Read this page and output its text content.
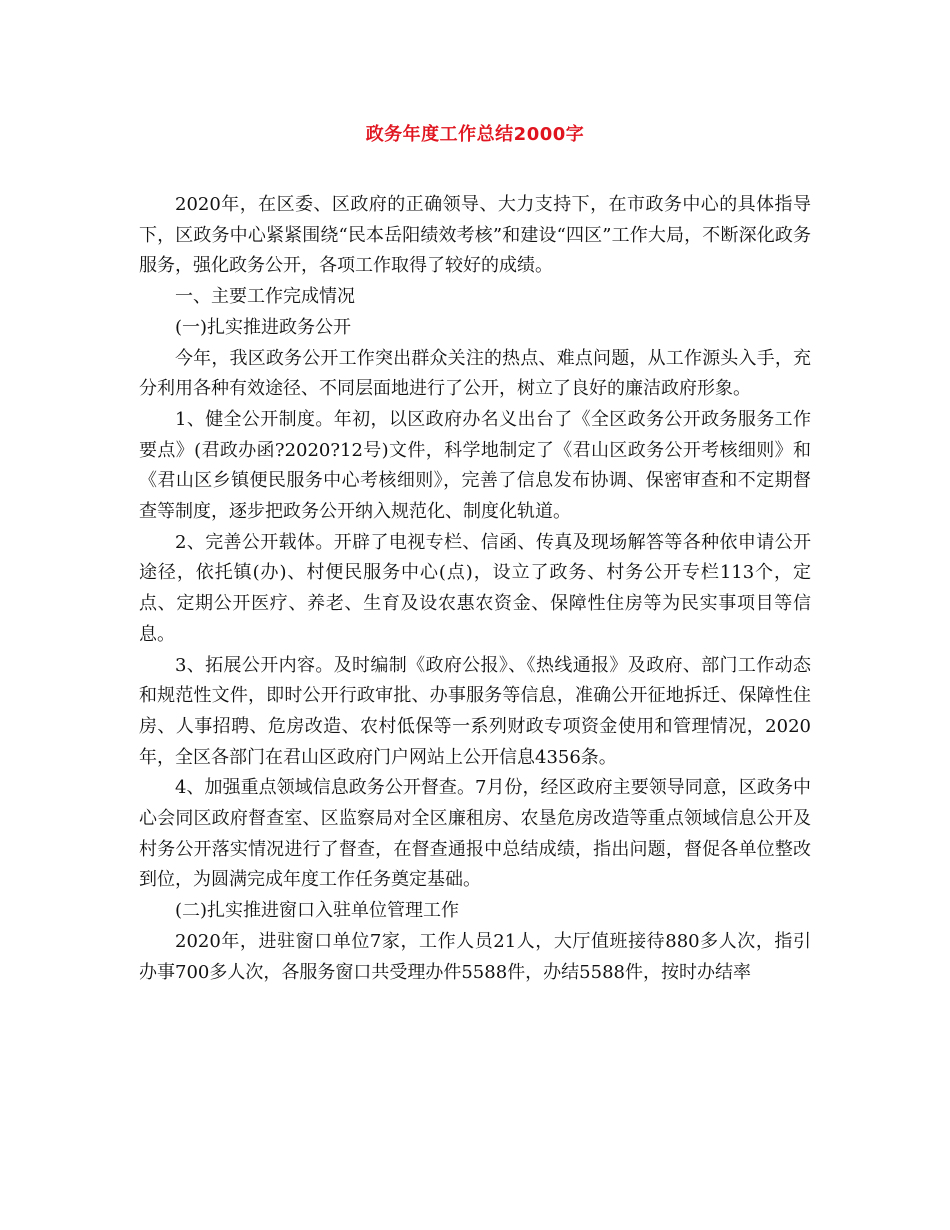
政务年度工作总结2000字

2020年，在区委、区政府的正确领导、大力支持下，在市政务中心的具体指导下，区政务中心紧紧围绕“民本岳阳绩效考核”和建设“四区”工作大局，不断深化政务服务，强化政务公开，各项工作取得了较好的成绩。

一、主要工作完成情况

(一)扎实推进政务公开

今年，我区政务公开工作突出群众关注的热点、难点问题，从工作源头入手，充分利用各种有效途径、不同层面地进行了公开，树立了良好的廉洁政府形象。

1、健全公开制度。年初，以区政府办名义出台了《全区政务公开政务服务工作要点》(君政办函?2020?12号)文件，科学地制定了《君山区政务公开考核细则》和《君山区乡镇便民服务中心考核细则》，完善了信息发布协调、保密审查和不定期督查等制度，逐步把政务公开纳入规范化、制度化轨道。

2、完善公开载体。开辟了电视专栏、信函、传真及现场解答等各种依申请公开途径，依托镇(办)、村便民服务中心(点)，设立了政务、村务公开专栏113个，定点、定期公开医疗、养老、生育及设农惠农资金、保障性住房等为民实事项目等信息。

3、拓展公开内容。及时编制《政府公报》、《热线通报》及政府、部门工作动态和规范性文件，即时公开行政审批、办事服务等信息，准确公开征地拆迁、保障性住房、人事招聘、危房改造、农村低保等一系列财政专项资金使用和管理情况，2020年，全区各部门在君山区政府门户网站上公开信息4356条。

4、加强重点领域信息政务公开督查。7月份，经区政府主要领导同意，区政务中心会同区政府督查室、区监察局对全区廉租房、农垦危房改造等重点领域信息公开及村务公开落实情况进行了督查，在督查通报中总结成绩，指出问题，督促各单位整改到位，为圆满完成年度工作任务奠定基础。

(二)扎实推进窗口入驻单位管理工作

2020年，进驻窗口单位7家，工作人员21人，大厅值班接待880多人次，指引办事700多人次，各服务窗口共受理办件5588件，办结5588件，按时办结率
